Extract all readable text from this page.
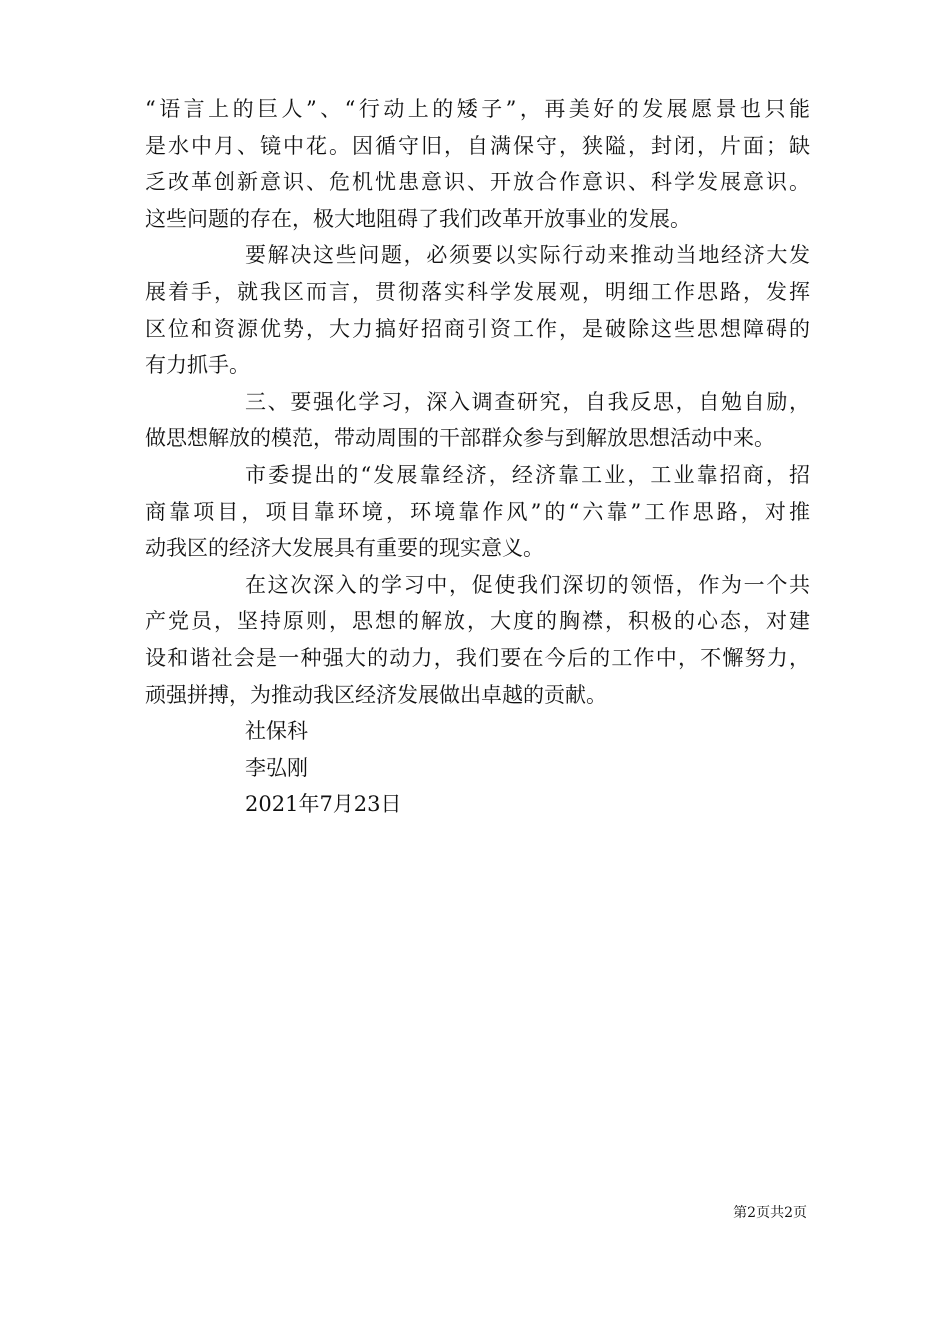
“语言上的巨人”、“行动上的矮子”，再美好的发展愿景也只能
是水中月、镜中花。因循守旧，自满保守，狭隘，封闭，片面；缺
乏改革创新意识、危机忧患意识、开放合作意识、科学发展意识。
这些问题的存在，极大地阻碍了我们改革开放事业的发展。
要解决这些问题，必须要以实际行动来推动当地经济大发
展着手，就我区而言，贯彻落实科学发展观，明细工作思路，发挥
区位和资源优势，大力搞好招商引资工作，是破除这些思想障碍的
有力抓手。
三、要强化学习，深入调查研究，自我反思，自勉自励，
做思想解放的模范，带动周围的干部群众参与到解放思想活动中来。
市委提出的“发展靠经济，经济靠工业，工业靠招商，招
商靠项目，项目靠环境，环境靠作风”的“六靠”工作思路，对推
动我区的经济大发展具有重要的现实意义。
在这次深入的学习中，促使我们深切的领悟，作为一个共
产党员，坚持原则，思想的解放，大度的胸襟，积极的心态，对建
设和谐社会是一种强大的动力，我们要在今后的工作中，不懈努力，
顽强拼搏，为推动我区经济发展做出卓越的贡献。
社保科
李弘刚
2021年7月23日
第2页共2页
